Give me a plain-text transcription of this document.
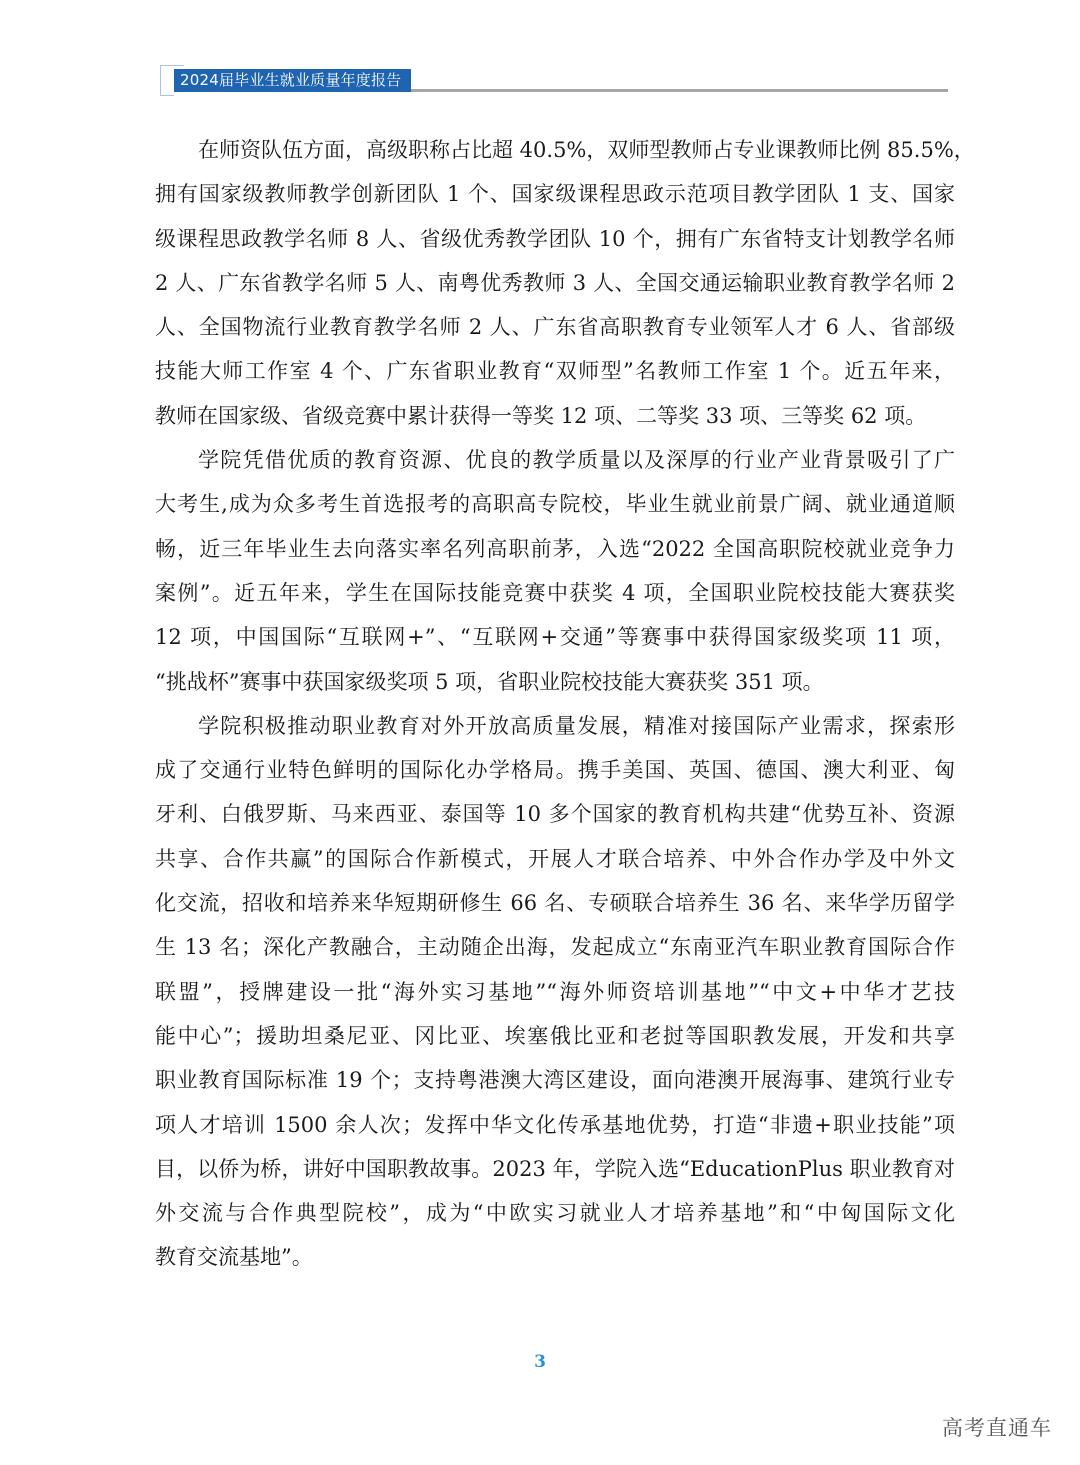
2024届毕业生就业质量年度报告
在师资队伍方面，高级职称占比超 40.5%，双师型教师占专业课教师比例 85.5%，
拥有国家级教师教学创新团队 1 个、国家级课程思政示范项目教学团队 1 支、国家
级课程思政教学名师 8 人、省级优秀教学团队 10 个，拥有广东省特支计划教学名师
2 人、广东省教学名师 5 人、南粤优秀教师 3 人、全国交通运输职业教育教学名师 2
人、全国物流行业教育教学名师 2 人、广东省高职教育专业领军人才 6 人、省部级
技能大师工作室 4 个、广东省职业教育“双师型”名教师工作室 1 个。近五年来，
教师在国家级、省级竞赛中累计获得一等奖 12 项、二等奖 33 项、三等奖 62 项。
学院凭借优质的教育资源、优良的教学质量以及深厚的行业产业背景吸引了广
大考生,成为众多考生首选报考的高职高专院校，毕业生就业前景广阔、就业通道顺
畅，近三年毕业生去向落实率名列高职前茅，入选“2022 全国高职院校就业竞争力
案例”。近五年来，学生在国际技能竞赛中获奖 4 项，全国职业院校技能大赛获奖
12 项，中国国际“互联网+”、“互联网+交通”等赛事中获得国家级奖项 11 项，
“挑战杯”赛事中获国家级奖项 5 项，省职业院校技能大赛获奖 351 项。
学院积极推动职业教育对外开放高质量发展，精准对接国际产业需求，探索形
成了交通行业特色鲜明的国际化办学格局。携手美国、英国、德国、澳大利亚、匈
牙利、白俄罗斯、马来西亚、泰国等 10 多个国家的教育机构共建“优势互补、资源
共享、合作共赢”的国际合作新模式，开展人才联合培养、中外合作办学及中外文
化交流，招收和培养来华短期研修生 66 名、专硕联合培养生 36 名、来华学历留学
生 13 名；深化产教融合，主动随企出海，发起成立“东南亚汽车职业教育国际合作
联盟”，授牌建设一批“海外实习基地”“海外师资培训基地”“中文+中华才艺技
能中心”；援助坦桑尼亚、冈比亚、埃塞俄比亚和老挝等国职教发展，开发和共享
职业教育国际标准 19 个；支持粤港澳大湾区建设，面向港澳开展海事、建筑行业专
项人才培训 1500 余人次；发挥中华文化传承基地优势，打造“非遗+职业技能”项
目，以侨为桥，讲好中国职教故事。2023 年，学院入选“EducationPlus 职业教育对
外交流与合作典型院校”，成为“中欧实习就业人才培养基地”和“中匈国际文化
教育交流基地”。
3
高考直通车
